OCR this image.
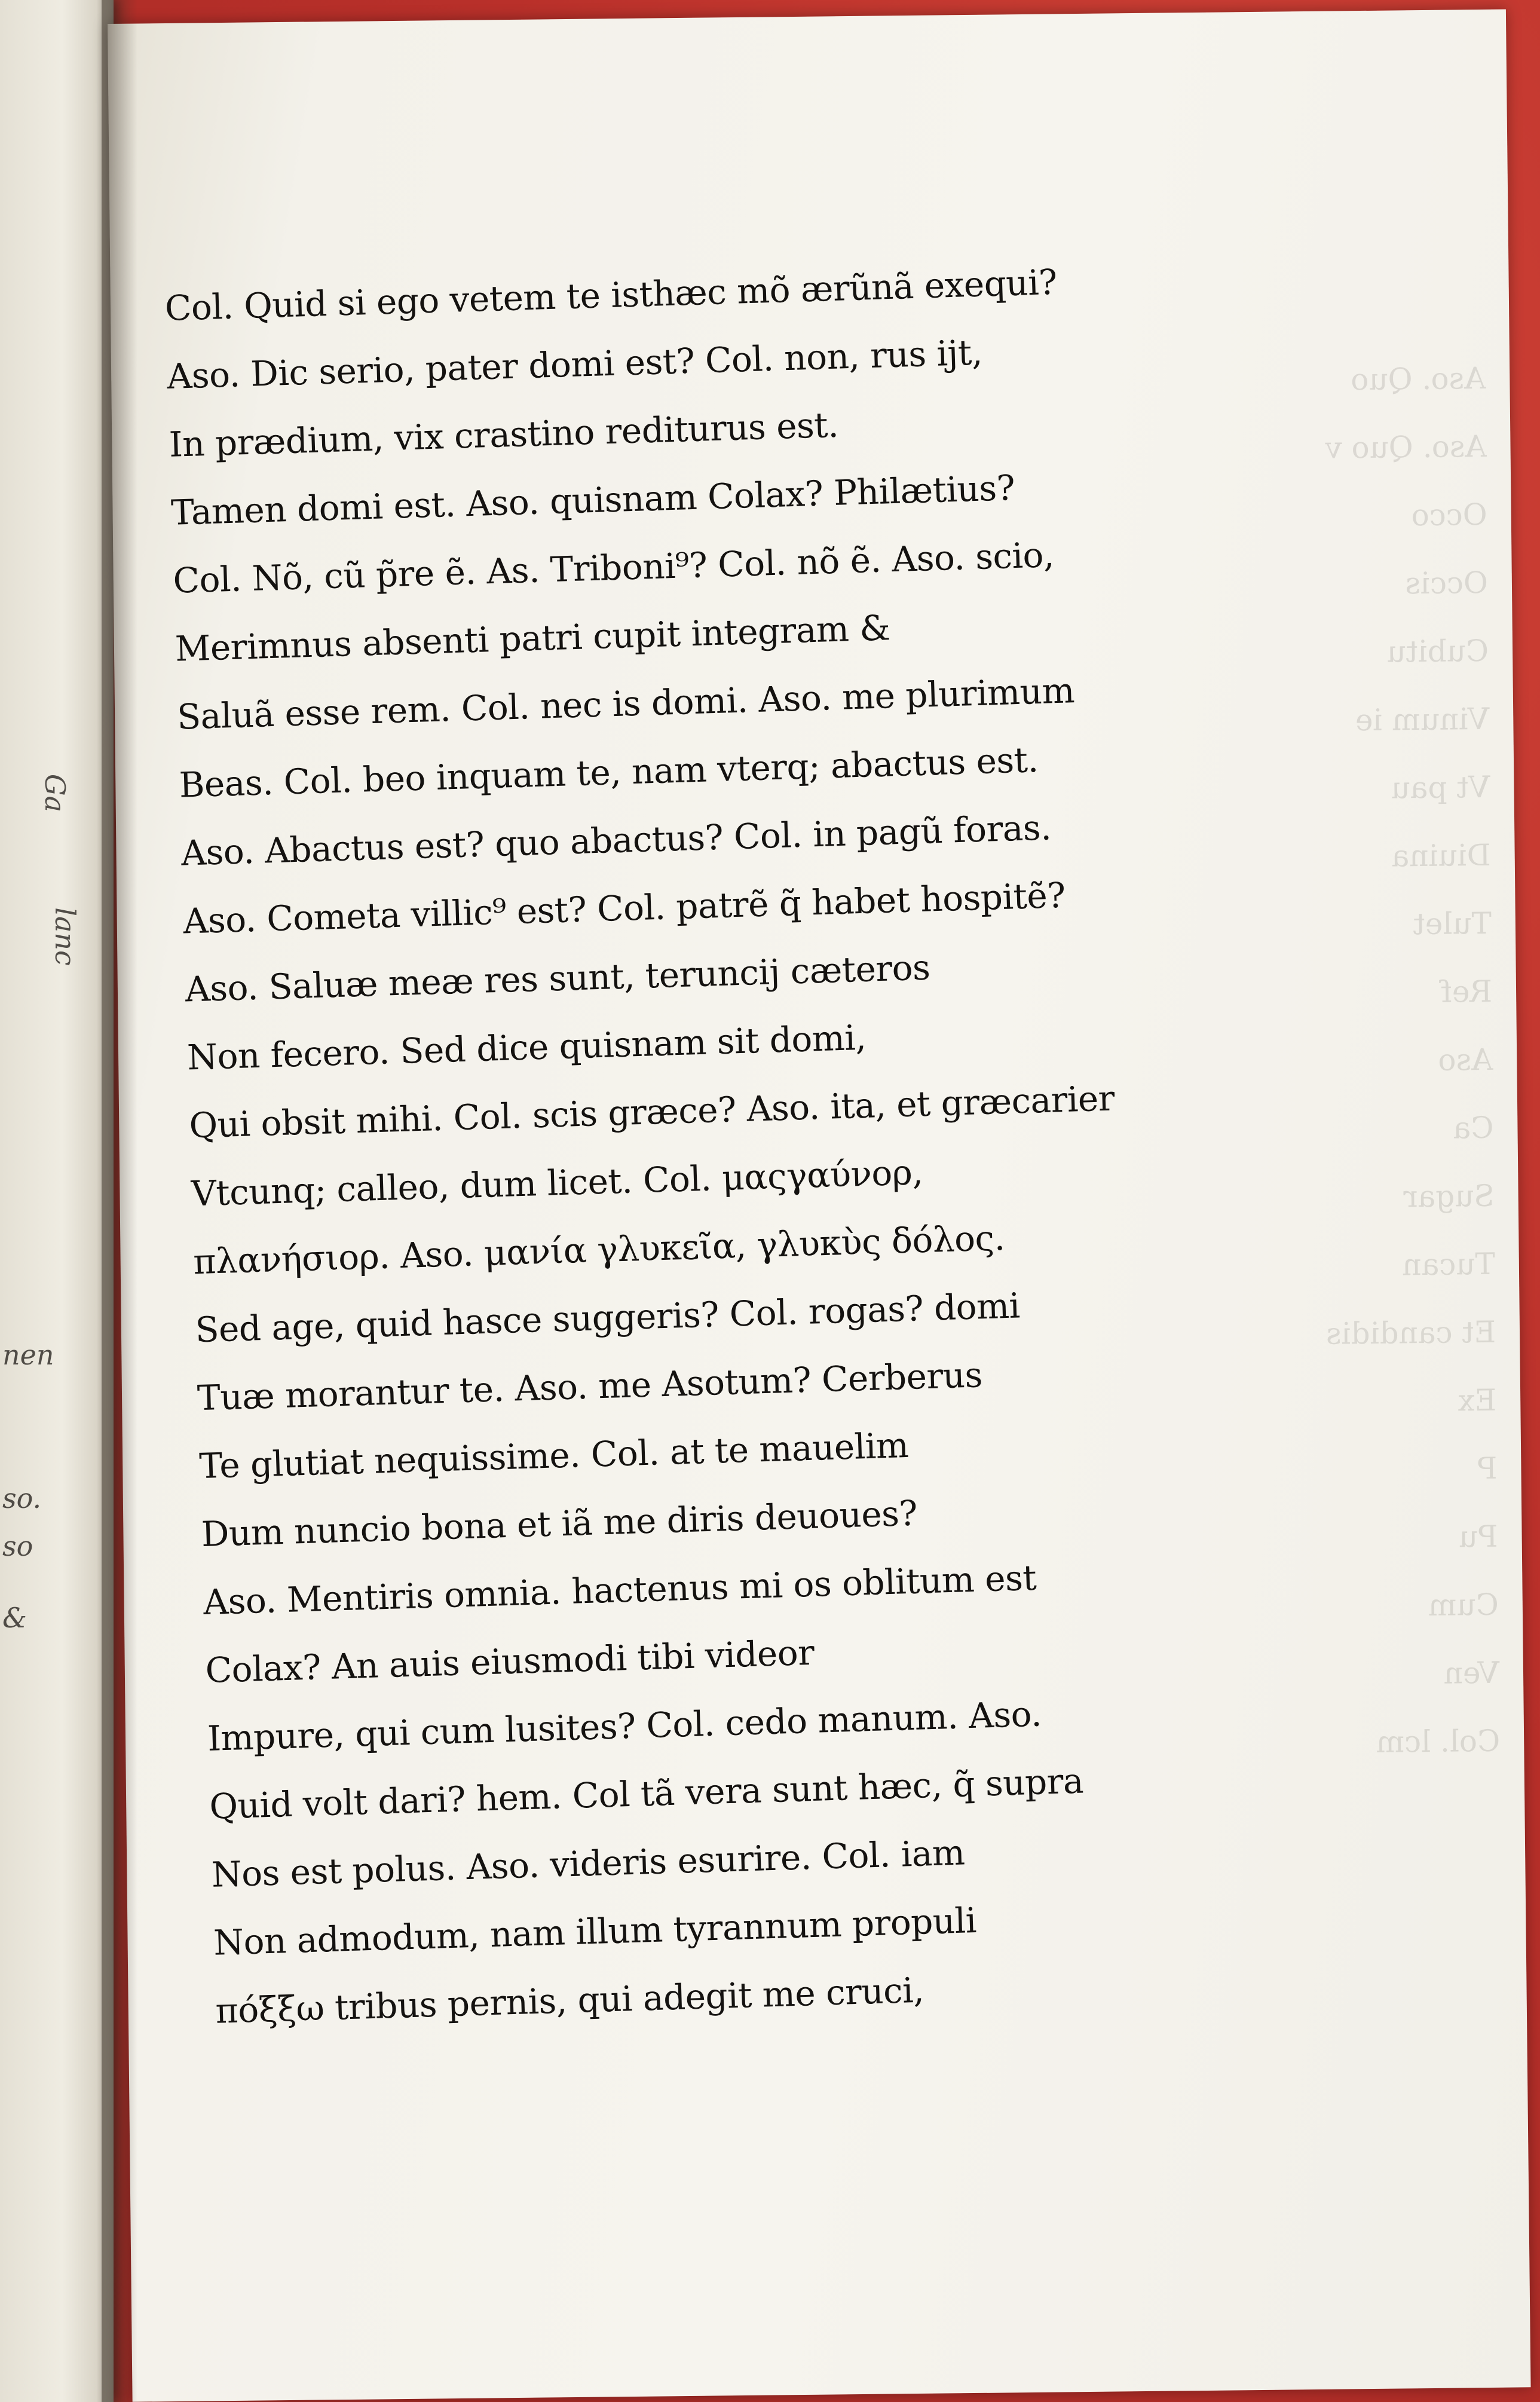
Ga
lanc
nen
so.
so
&
Aso. Quo
Aso. Quo v
Occo
Occis
Cubitu
Vinum ie
Vt pau
Diuina
Tulet
Ref
Aso
Ca
Sugar
Tucan
Et candidis
Ex
P
Pu
Cum
Ven
Col. lcm
Col. Quid si ego vetem te isthæc mõ ærũnã exequi?
Aso. Dic serio, pater domi est? Col. non, rus ijt,
In prædium, vix crastino rediturus est.
Tamen domi est. Aso. quisnam Colax? Philætius?
Col. Nõ, cũ p̃re ẽ. As. Triboni⁹? Col. nõ ẽ. Aso. scio,
Merimnus absenti patri cupit integram &
Saluã esse rem. Col. nec is domi. Aso. me plurimum
Beas. Col. beo inquam te, nam vterq; abactus est.
Aso. Abactus est? quo abactus? Col. in pagũ foras.
Aso. Cometa villic⁹ est? Col. patrẽ q̃ habet hospitẽ?
Aso. Saluæ meæ res sunt, teruncij cæteros
Non fecero. Sed dice quisnam sit domi,
Qui obsit mihi. Col. scis græce? Aso. ita, et græcarier
Vtcunq; calleo, dum licet. Col. μαςγαύνορ,
πλανήσιορ. Aso. μανία γλυκεῖα, γλυκὺς δόλος.
Sed age, quid hasce suggeris? Col. rogas? domi
Tuæ morantur te. Aso. me Asotum? Cerberus
Te glutiat nequissime. Col. at te mauelim
Dum nuncio bona et iã me diris deuoues?
Aso. Mentiris omnia. hactenus mi os oblitum est
Colax? An auis eiusmodi tibi videor
Impure, qui cum lusites? Col. cedo manum. Aso.
Quid volt dari? hem. Col tã vera sunt hæc, q̃ supra
Nos est polus. Aso. videris esurire. Col. iam
Non admodum, nam illum tyrannum propuli
πόξξω tribus pernis, qui adegit me cruci,
